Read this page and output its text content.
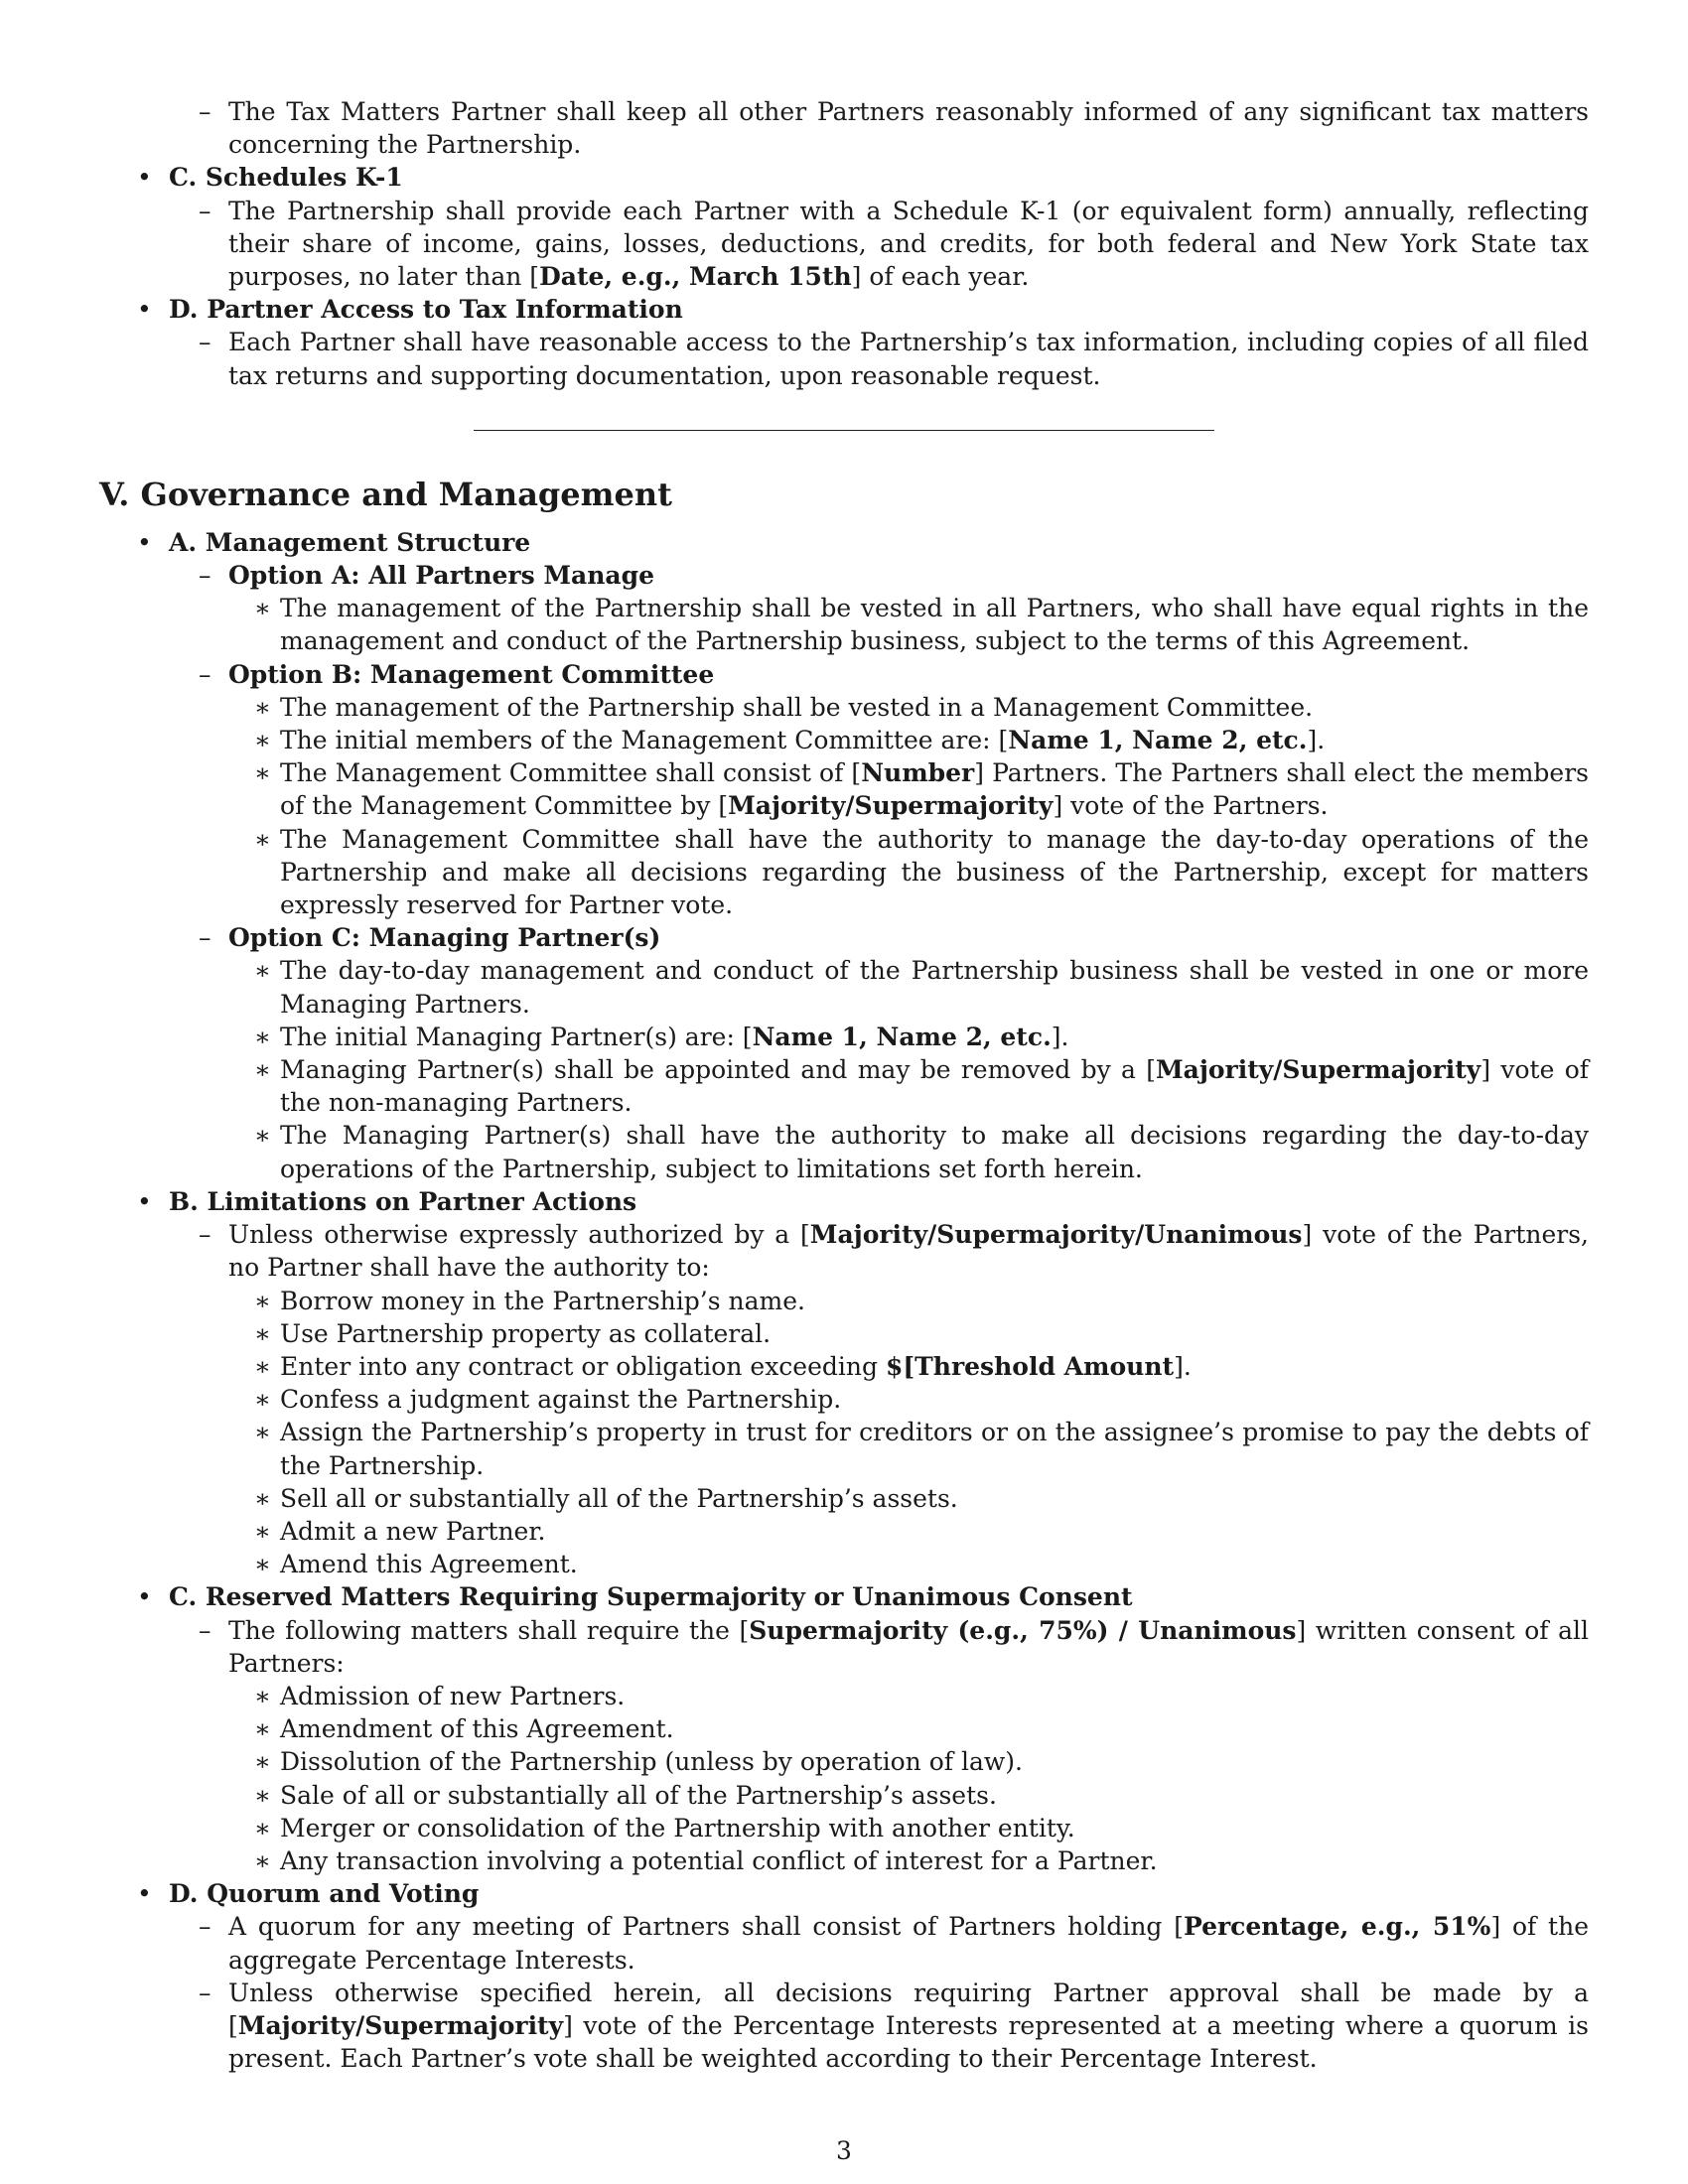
– The Tax Matters Partner shall keep all other Partners reasonably informed of any significant tax matters concerning the Partnership.
• C. Schedules K-1
– The Partnership shall provide each Partner with a Schedule K-1 (or equivalent form) annually, reflecting their share of income, gains, losses, deductions, and credits, for both federal and New York State tax purposes, no later than [Date, e.g., March 15th] of each year.
• D. Partner Access to Tax Information
– Each Partner shall have reasonable access to the Partnership’s tax information, including copies of all filed tax returns and supporting documentation, upon reasonable request.
V. Governance and Management
• A. Management Structure
– Option A: All Partners Manage
∗ The management of the Partnership shall be vested in all Partners, who shall have equal rights in the management and conduct of the Partnership business, subject to the terms of this Agreement.
– Option B: Management Committee
∗ The management of the Partnership shall be vested in a Management Committee.
∗ The initial members of the Management Committee are: [Name 1, Name 2, etc.].
∗ The Management Committee shall consist of [Number] Partners. The Partners shall elect the members of the Management Committee by [Majority/Supermajority] vote of the Partners.
∗ The Management Committee shall have the authority to manage the day-to-day operations of the Partnership and make all decisions regarding the business of the Partnership, except for matters expressly reserved for Partner vote.
– Option C: Managing Partner(s)
∗ The day-to-day management and conduct of the Partnership business shall be vested in one or more Managing Partners.
∗ The initial Managing Partner(s) are: [Name 1, Name 2, etc.].
∗ Managing Partner(s) shall be appointed and may be removed by a [Majority/Supermajority] vote of the non-managing Partners.
∗ The Managing Partner(s) shall have the authority to make all decisions regarding the day-to-day operations of the Partnership, subject to limitations set forth herein.
• B. Limitations on Partner Actions
– Unless otherwise expressly authorized by a [Majority/Supermajority/Unanimous] vote of the Partners, no Partner shall have the authority to:
∗ Borrow money in the Partnership’s name.
∗ Use Partnership property as collateral.
∗ Enter into any contract or obligation exceeding $[Threshold Amount].
∗ Confess a judgment against the Partnership.
∗ Assign the Partnership’s property in trust for creditors or on the assignee’s promise to pay the debts of the Partnership.
∗ Sell all or substantially all of the Partnership’s assets.
∗ Admit a new Partner.
∗ Amend this Agreement.
• C. Reserved Matters Requiring Supermajority or Unanimous Consent
– The following matters shall require the [Supermajority (e.g., 75%) / Unanimous] written consent of all Partners:
∗ Admission of new Partners.
∗ Amendment of this Agreement.
∗ Dissolution of the Partnership (unless by operation of law).
∗ Sale of all or substantially all of the Partnership’s assets.
∗ Merger or consolidation of the Partnership with another entity.
∗ Any transaction involving a potential conflict of interest for a Partner.
• D. Quorum and Voting
– A quorum for any meeting of Partners shall consist of Partners holding [Percentage, e.g., 51%] of the aggregate Percentage Interests.
– Unless otherwise specified herein, all decisions requiring Partner approval shall be made by a [Majority/Supermajority] vote of the Percentage Interests represented at a meeting where a quorum is present. Each Partner’s vote shall be weighted according to their Percentage Interest.
3
